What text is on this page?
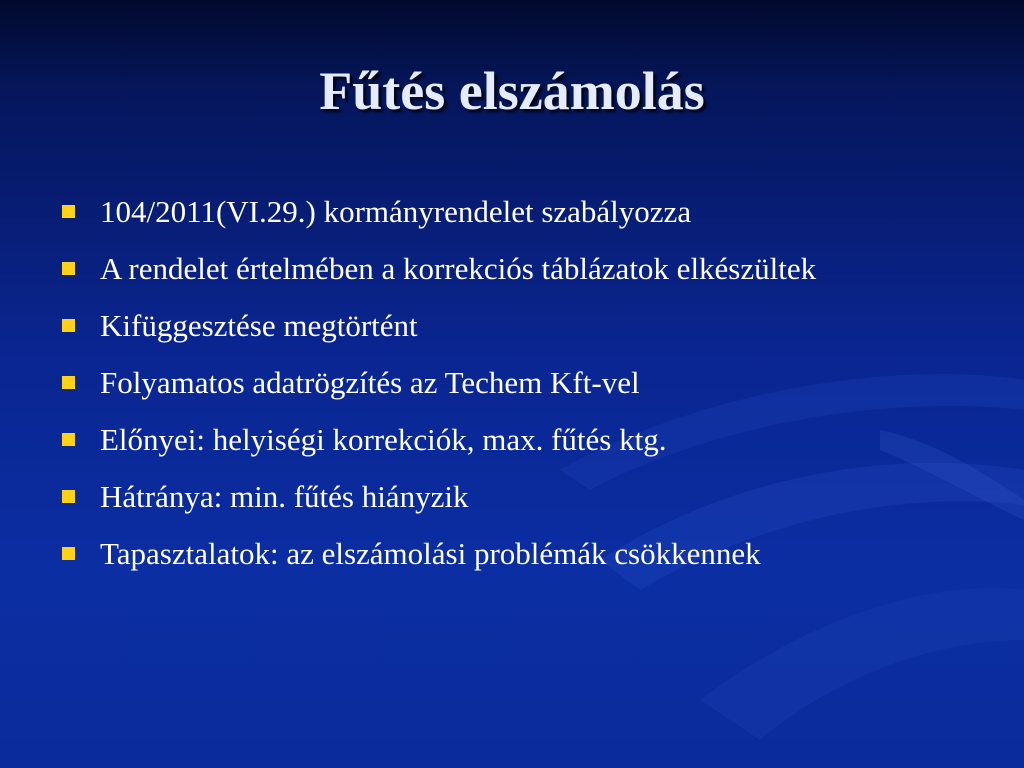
Fűtés elszámolás
104/2011(VI.29.) kormányrendelet szabályozza
A rendelet értelmében a korrekciós táblázatok elkészültek
Kifüggesztése megtörtént
Folyamatos adatrögzítés az Techem Kft-vel
Előnyei: helyiségi korrekciók, max. fűtés ktg.
Hátránya: min. fűtés hiányzik
Tapasztalatok: az elszámolási problémák csökkennek
